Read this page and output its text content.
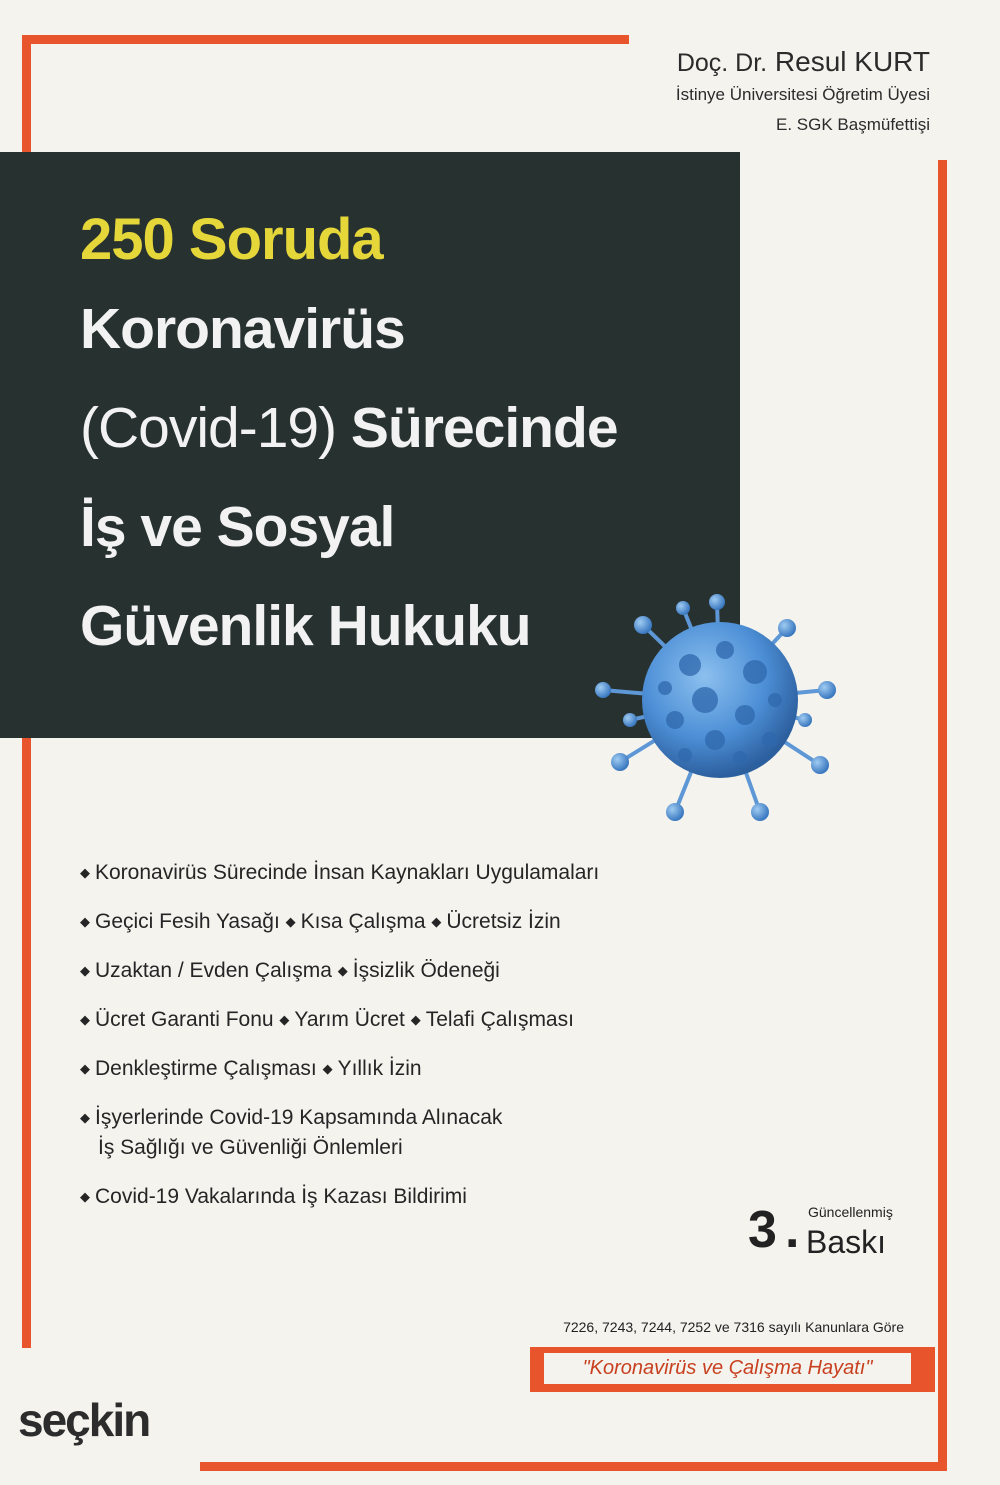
Doç. Dr. Resul KURT
İstinye Üniversitesi Öğretim Üyesi
E. SGK Başmüfettişi
250 Soruda
Koronavirüs
(Covid-19) Sürecinde
İş ve Sosyal
Güvenlik Hukuku
◆ Koronavirüs Sürecinde İnsan Kaynakları Uygulamaları
◆ Geçici Fesih Yasağı ◆ Kısa Çalışma ◆ Ücretsiz İzin
◆ Uzaktan / Evden Çalışma ◆ İşsizlik Ödeneği
◆ Ücret Garanti Fonu ◆ Yarım Ücret ◆ Telafi Çalışması
◆ Denkleştirme Çalışması ◆ Yıllık İzin
◆ İşyerlerinde Covid-19 Kapsamında Alınacak
İş Sağlığı ve Güvenliği Önlemleri
◆ Covid-19 Vakalarında İş Kazası Bildirimi
3 . Güncellenmiş
Baskı
7226, 7243, 7244, 7252 ve 7316 sayılı Kanunlara Göre
"Koronavirüs ve Çalışma Hayatı"
seçkin
